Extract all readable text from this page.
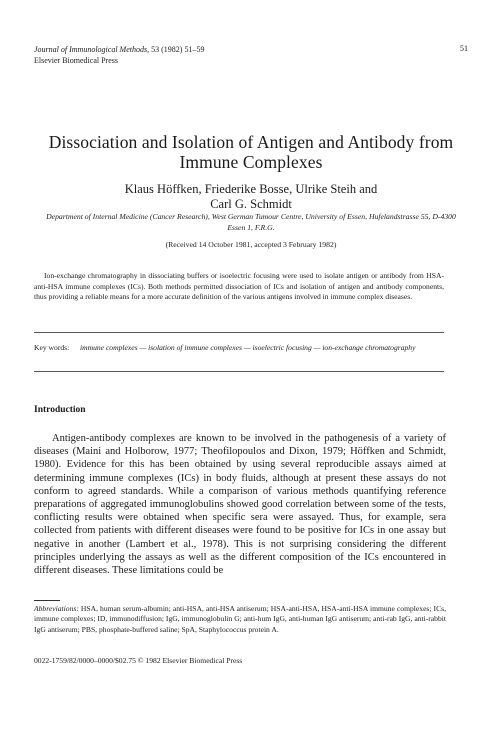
Journal of Immunological Methods, 53 (1982) 51–59
Elsevier Biomedical Press
51
Dissociation and Isolation of Antigen and Antibody from Immune Complexes
Klaus Höffken, Friederike Bosse, Ulrike Steih and
Carl G. Schmidt
Department of Internal Medicine (Cancer Research), West German Tumour Centre, University of Essen, Hufelandstrasse 55, D-4300 Essen 1, F.R.G.
(Received 14 October 1981, accepted 3 February 1982)
Ion-exchange chromatography in dissociating buffers or isoelectric focusing were used to isolate antigen or antibody from HSA-anti-HSA immune complexes (ICs). Both methods permitted dissociation of ICs and isolation of antigen and antibody components, thus providing a reliable means for a more accurate definition of the various antigens involved in immune complex diseases.
Key words: immune complexes — isolation of immune complexes — isoelectric focusing — ion-exchange chromatography
Introduction
Antigen-antibody complexes are known to be involved in the pathogenesis of a variety of diseases (Maini and Holborow, 1977; Theofilopoulos and Dixon, 1979; Höffken and Schmidt, 1980). Evidence for this has been obtained by using several reproducible assays aimed at determining immune complexes (ICs) in body fluids, although at present these assays do not conform to agreed standards. While a comparison of various methods quantifying reference preparations of aggregated immunoglobulins showed good correlation between some of the tests, conflicting results were obtained when specific sera were assayed. Thus, for example, sera collected from patients with different diseases were found to be positive for ICs in one assay but negative in another (Lambert et al., 1978). This is not surprising considering the different principles underlying the assays as well as the different composition of the ICs encountered in different diseases. These limitations could be
Abbreviations: HSA, human serum-albumin; anti-HSA, anti-HSA antiserum; HSA-anti-HSA, HSA-anti-HSA immune complexes; ICs, immune complexes; ID, immunodiffusion; IgG, immunoglobulin G; anti-hum IgG, anti-human IgG antiserum; anti-rab IgG, anti-rabbit IgG antiserum; PBS, phosphate-buffered saline; SpA, Staphylococcus protein A.
0022-1759/82/0000–0000/$02.75 © 1982 Elsevier Biomedical Press
